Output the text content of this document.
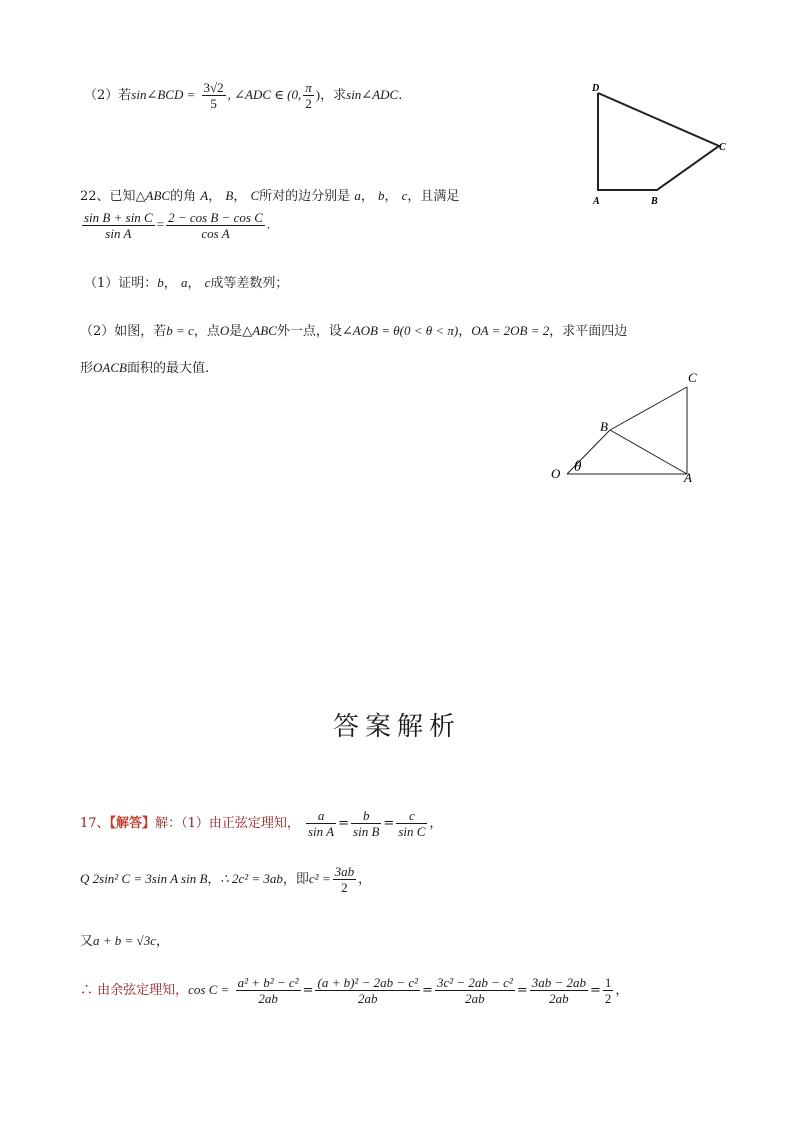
（2）若sin∠BCD = $\frac{3√2}{5}$ , ∠ADC ∈ (0, $\frac{\pi}{2}$ )，求sin∠ADC.	D
A	B
C
22、已知△ABC的角 A， B， C所对的边分别是 a， b， c，且满足
$\frac{\text{sin B + sin C}}{\text{sin A}} = \frac{\text{2 − cos B − cos C}}{\text{cos A}}$ .
（1）证明：b， a， c成等差数列；
（2）如图，若b = c，点O是△ABC外一点，设∠AOB = θ(0 < θ < π)，OA = 2OB = 2，求平面四边
形OACB面积的最大值.
C
B
O	A
θ
答案解析
17、【解答】解：（1）由正弦定理知， $\frac{a}{\text{sin A}} = \frac{b}{\text{sin B}} = \frac{c}{\text{sin C}}$ ，
Q 2sin² C = 3sin A sin B，∴ 2c² = 3ab，即$c^2 = \frac{3ab}{2}$ ，
又a + b = √3c，
∴ 由余弦定理知，$\cos C = \frac{\text{a² + b² − c²}}{2ab} = \frac{\text{(a + b)² − 2ab − c²}}{2ab} = \frac{\text{3c² − 2ab − c²}}{2ab} = \frac{3ab - 2ab}{2ab} = \frac{1}{2}$ ，
